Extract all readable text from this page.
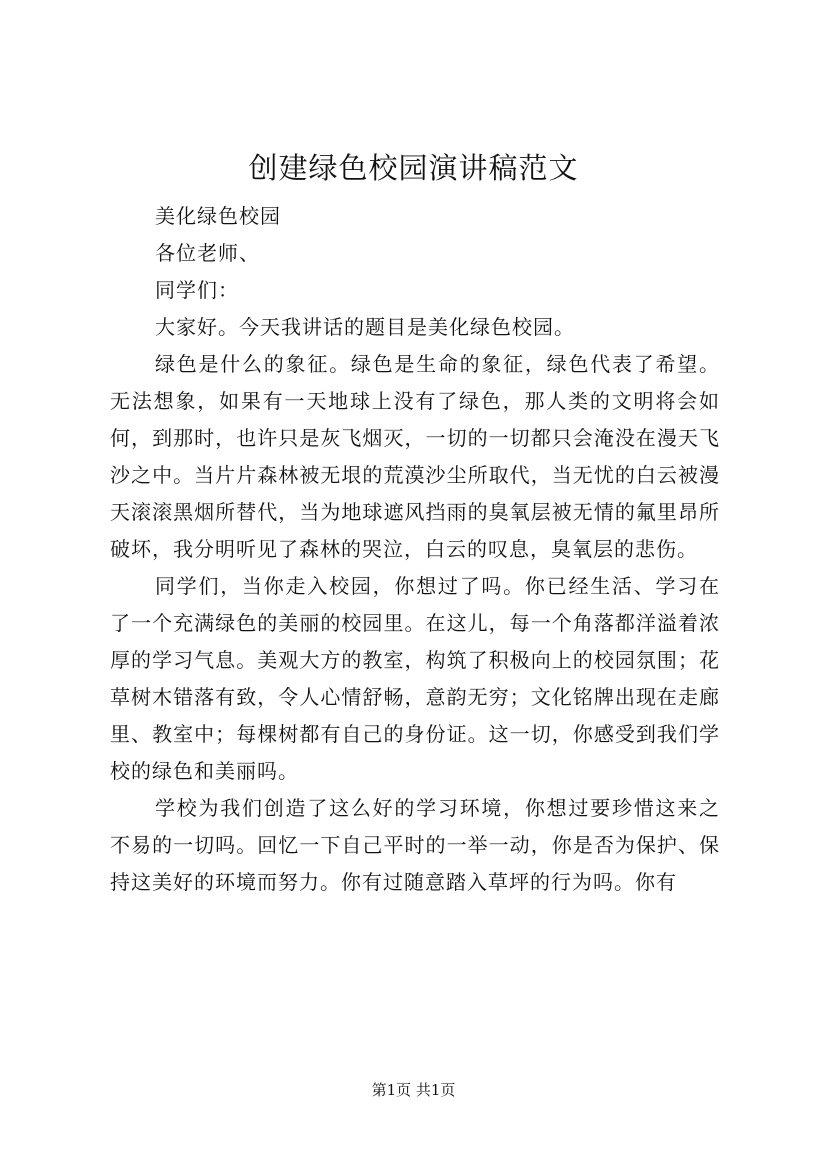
创建绿色校园演讲稿范文

美化绿色校园

各位老师、

同学们：

大家好。今天我讲话的题目是美化绿色校园。

绿色是什么的象征。绿色是生命的象征，绿色代表了希望。无法想象，如果有一天地球上没有了绿色，那人类的文明将会如何，到那时，也许只是灰飞烟灭，一切的一切都只会淹没在漫天飞沙之中。当片片森林被无垠的荒漠沙尘所取代，当无忧的白云被漫天滚滚黑烟所替代，当为地球遮风挡雨的臭氧层被无情的氟里昂所破坏，我分明听见了森林的哭泣，白云的叹息，臭氧层的悲伤。

同学们，当你走入校园，你想过了吗。你已经生活、学习在了一个充满绿色的美丽的校园里。在这儿，每一个角落都洋溢着浓厚的学习气息。美观大方的教室，构筑了积极向上的校园氛围；花草树木错落有致，令人心情舒畅，意韵无穷；文化铭牌出现在走廊里、教室中；每棵树都有自己的身份证。这一切，你感受到我们学校的绿色和美丽吗。

学校为我们创造了这么好的学习环境，你想过要珍惜这来之不易的一切吗。回忆一下自己平时的一举一动，你是否为保护、保持这美好的环境而努力。你有过随意踏入草坪的行为吗。你有

第1页 共1页
